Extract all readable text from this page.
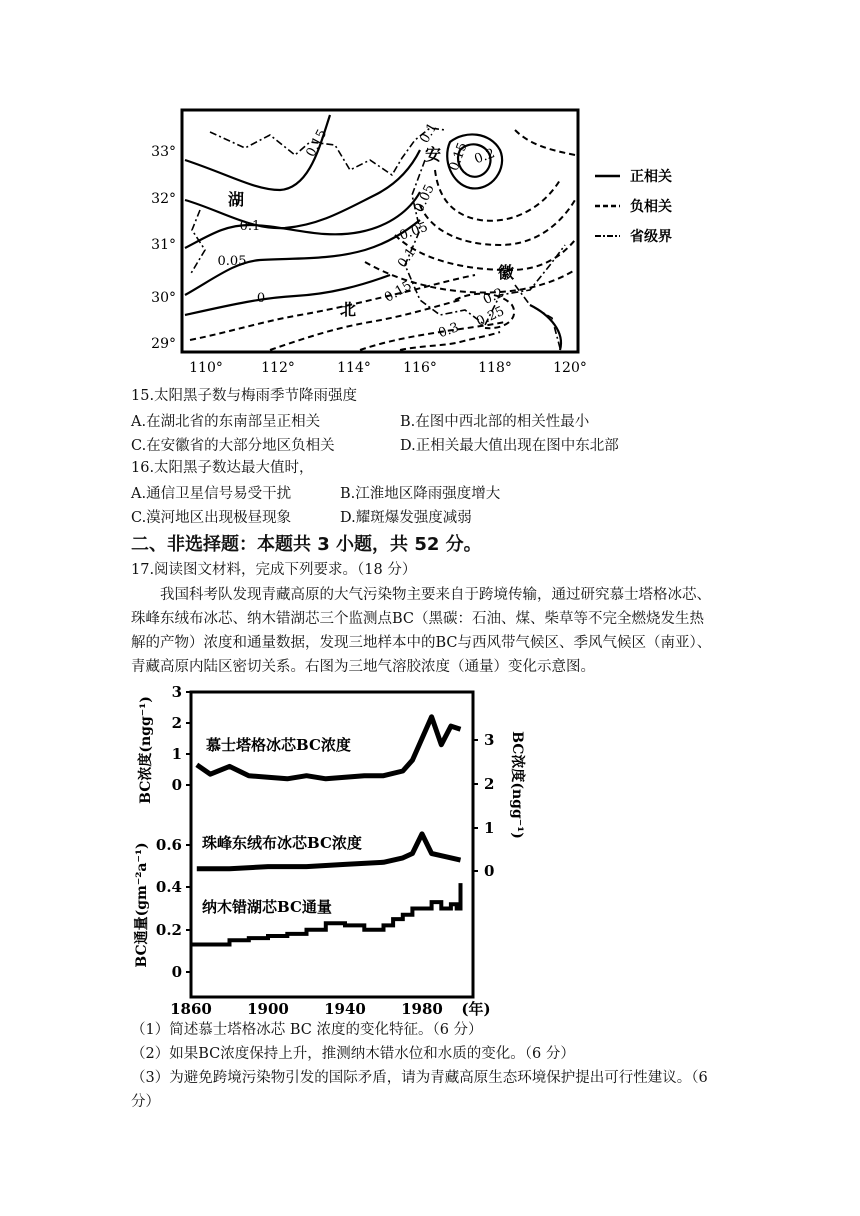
33°
32°
31°
30°
29°
110°	112°	114° 116°	118°	120°
湖
北
安
徽
0.15
0.1
0.05
0
0.1
0.15 0.2
0.05
0.05
0.1
0.15	0.2
0.25
0.3
正相关
负相关
省级界
15.太阳黑子数与梅雨季节降雨强度
A.在湖北省的东南部呈正相关	B.在图中西北部的相关性最小
C.在安徽省的大部分地区负相关	D.正相关最大值出现在图中东北部
16.太阳黑子数达最大值时，
A.通信卫星信号易受干扰	B.江淮地区降雨强度增大
C.漠河地区出现极昼现象	D.耀斑爆发强度减弱
二、非选择题：本题共 3 小题，共 52 分。
17.阅读图文材料，完成下列要求。（18 分）
我国科考队发现青藏高原的大气污染物主要来自于跨境传输，通过研究慕士塔格冰芯、
珠峰东绒布冰芯、纳木错湖芯三个监测点BC（黑碳：石油、煤、柴草等不完全燃烧发生热
解的产物）浓度和通量数据，发现三地样本中的BC与西风带气候区、季风气候区（南亚）、
青藏高原内陆区密切关系。右图为三地气溶胶浓度（通量）变化示意图。
3
2
1
0
BC浓度(ngg⁻¹)
0.6
0.4
0.2
0
BC通量(gm⁻²a⁻¹)
3
2
1
0
BC浓度(ngg⁻¹)
1860 1900 1940 1980 (年)
慕士塔格冰芯BC浓度
珠峰东绒布冰芯BC浓度
纳木错湖芯BC通量
（1）简述慕士塔格冰芯 BC 浓度的变化特征。（6 分）
（2）如果BC浓度保持上升，推测纳木错水位和水质的变化。（6 分）
（3）为避免跨境污染物引发的国际矛盾，请为青藏高原生态环境保护提出可行性建议。（6
分）
